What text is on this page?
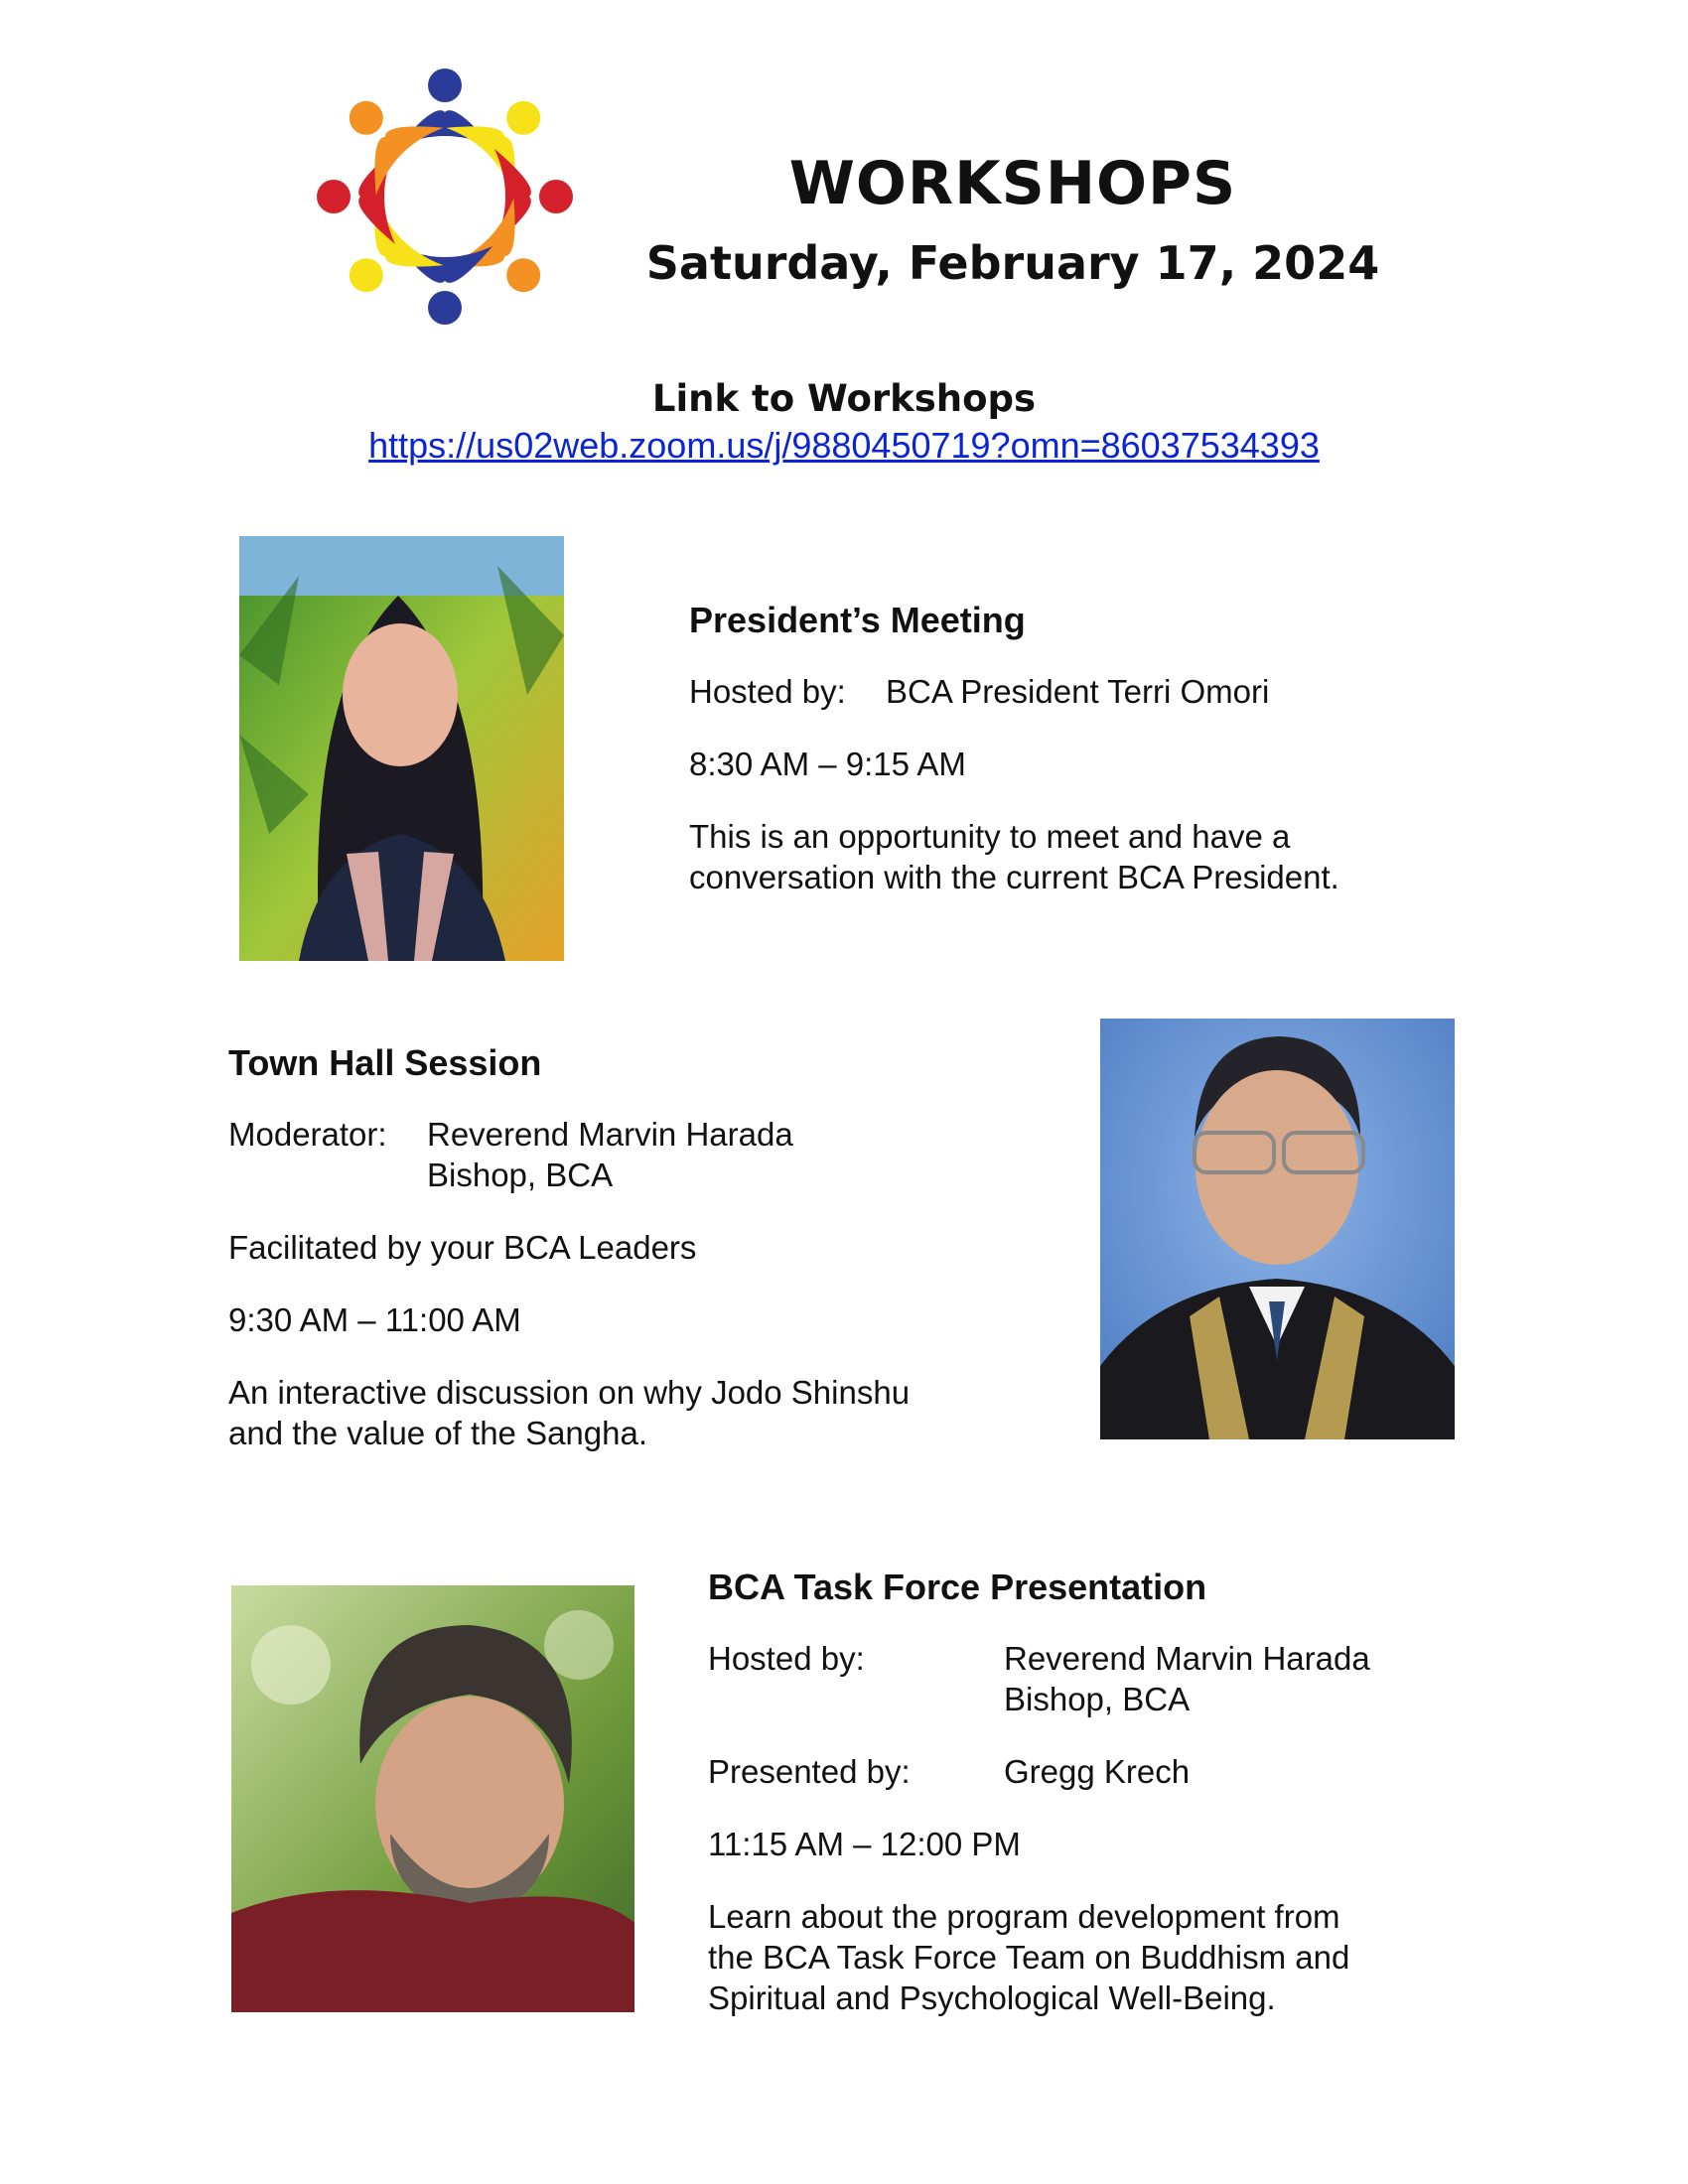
WORKSHOPS
Saturday, February 17, 2024
Link to Workshops
https://us02web.zoom.us/j/9880450719?omn=86037534393
President’s Meeting
Hosted by:	BCA President Terri Omori

8:30 AM – 9:15 AM

This is an opportunity to meet and have a

conversation with the current BCA President.

Town Hall Session
Moderator:	Reverend Marvin Harada
Bishop, BCA

Facilitated by your BCA Leaders

9:30 AM – 11:00 AM

An interactive discussion on why Jodo Shinshu

and the value of the Sangha.

BCA Task Force Presentation
Hosted by:	Reverend Marvin Harada
Bishop, BCA
Presented by:	Gregg Krech

11:15 AM – 12:00 PM

Learn about the program development from

the BCA Task Force Team on Buddhism and

Spiritual and Psychological Well-Being.
